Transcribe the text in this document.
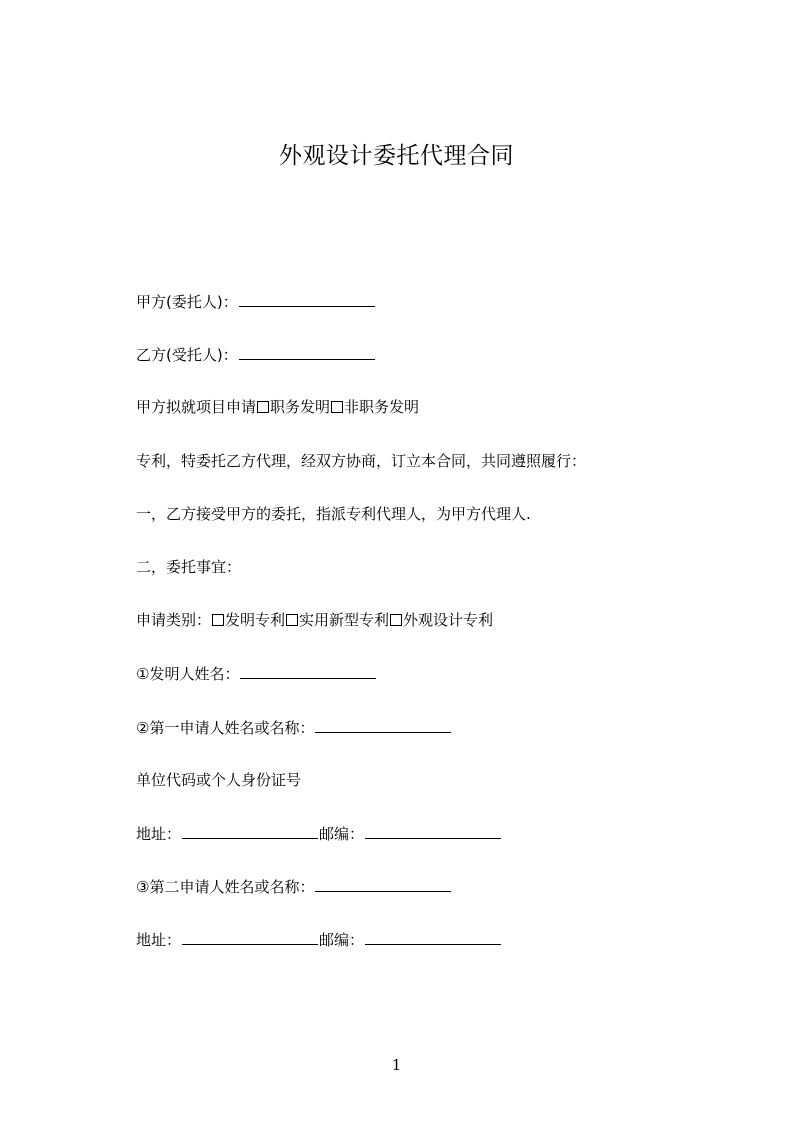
外观设计委托代理合同
甲方(委托人)：
乙方(受托人)：
甲方拟就项目申请 职务发明 非职务发明
专利，特委托乙方代理，经双方协商，订立本合同，共同遵照履行：
一，乙方接受甲方的委托，指派专利代理人，为甲方代理人.
二，委托事宜：
申请类别： 发明专利 实用新型专利 外观设计专利
①发明人姓名：
②第一申请人姓名或名称：
单位代码或个人身份证号
地址：	邮编：
③第二申请人姓名或名称：
地址：	邮编：
1
